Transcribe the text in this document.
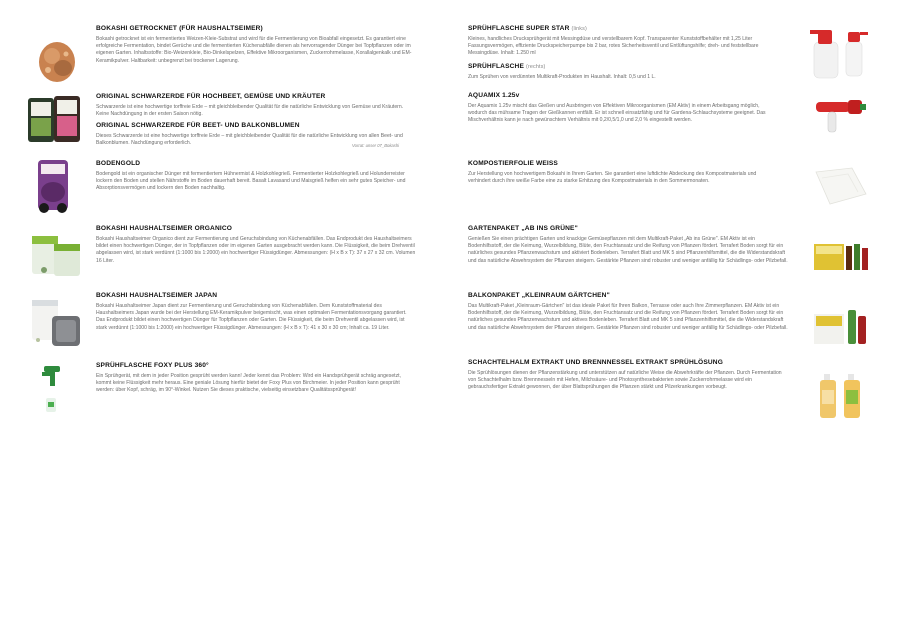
BOKASHI GETROCKNET (FÜR HAUSHALTSEIMER)

Bokashi getrocknet ist ein fermentiertes Weizen-Kleie-Substrat und wird für die Fermentierung von Bioabfall eingesetzt. Es garantiert eine erfolgreiche Fermentation, bindet Gerüche und die fermentierten Küchenabfälle dienen als hervorragender Dünger bei Topfpflanzen oder im eigenen Garten. Inhaltsstoffe: Bio-Weizenkleie, Bio-Dinkelspelzen, Effektive Mikroorganismen, Zuckerrohrmelasse, Korallalgenkalk und EM-Keramikpulver. Haltbarkeit: unbegrenzt bei trockener Lagerung.

ORIGINAL SCHWARZERDE FÜR HOCHBEET, GEMÜSE UND KRÄUTER

Schwarzerde ist eine hochwertige torffreie Erde – mit gleichbleibender Qualität für die natürliche Entwicklung von Gemüse und Kräutern. Keine Nachdüngung in der ersten Saison nötig.

ORIGINAL SCHWARZERDE FÜR BEET- UND BALKONBLUMEN

Dieses Schwarzerde ist eine hochwertige torffreie Erde – mit gleichbleibender Qualität für die natürliche Entwicklung von allen Beet- und Balkonblumen. Nachdüngung erforderlich.	Vorrat: unser 07_Bokashi
BODENGOLD

Bodengold ist ein organischer Dünger mit fermentiertem Hühnermist & Holzkohlegrieß. Fermentierter Holzkohlegrieß und Holunderreister lockern den Boden und stellen Nährstoffe im Boden dauerhaft bereit. Basalt Lavasand und Maisgrieß helfen ein sehr gutes Speicher- und Absorptionsvermögen und lockern den Boden nachhaltig.

BOKASHI HAUSHALTSEIMER ORGANICO

Bokashi Haushaltseimer Organico dient zur Fermentierung und Geruchsbindung von Küchenabfällen. Das Endprodukt des Haushaltseimers bildet einen hochwertigen Dünger, der in Topfpflanzen oder im eigenen Garten ausgebracht werden kann. Die Flüssigkeit, die beim Drehventil abgelassen wird, ist stark verdünnt (1:1000 bis 1:2000) ein hochwertiger Flüssigdünger. Abmessungen: (H x B x T): 37 x 27 x 32 cm. Volumen 16 Liter.

BOKASHI HAUSHALTSEIMER JAPAN

Bokashi Haushaltseimer Japan dient zur Fermentierung und Geruchsbindung von Küchenabfällen. Dem Kunststoffmaterial des Haushaltseimers Japan wurde bei der Herstellung EM-Keramikpulver beigemischt, was einen optimalen Fermentationsvorgang garantiert. Das Endprodukt bildet einen hochwertigen Dünger für Topfpflanzen oder Garten. Die Flüssigkeit, die beim Drehventil abgelassen wird, ist stark verdünnt (1:1000 bis 1:2000) ein hochwertiger Flüssigdünger. Abmessungen: (H x B x T): 41 x 30 x 30 cm; Inhalt ca. 19 Liter.

SPRÜHFLASCHE FOXY PLUS 360°

Ein Sprühgerät, mit dem in jeder Position gesprüht werden kann! Jeder kennt das Problem: Wird ein Handsprühgerät schräg angesetzt, kommt keine Flüssigkeit mehr heraus. Eine geniale Lösung hierfür bietet der Foxy Plus von Birchmeier. In jeder Position kann gesprüht werden: über Kopf, schräg, im 90°-Winkel. Nutzen Sie dieses praktische, vielseitig einsetzbare Qualitätssprühgerät!

SPRÜHFLASCHE SUPER STAR (links)

Kleines, handliches Drucksprühgerät mit Messingdüse und verstellbarem Kopf. Transparenter Kunststoffbehälter mit 1,25 Liter Fassungsvermögen, effiziente Druckspeicherpumpe bis 2 bar, rotes Sicherheitsventil und Entlüftungshilfe; dreh- und feststellbare Messingdüse. Inhalt: 1.250 ml

SPRÜHFLASCHE (rechts)

Zum Sprühen von verdünnten Multikraft-Produkten im Haushalt. Inhalt: 0,5 und 1 L.

AQUAMIX 1.25v

Der Aquamix 1.25v mischt das Gießen und Ausbringen von Effektiven Mikroorganismen (EM Aktiv) in einem Arbeitsgang möglich, wodurch das mühsame Tragen der Gießkannen entfällt. Er ist schnell einsatzfähig und für Gardena-Schlauchsysteme geeignet. Das Mischverhältnis kann je nach gewünschtem Verhältnis mit 0,2/0,5/1,0 und 2,0 % eingestellt werden.

KOMPOSTIERFOLIE WEISS

Zur Herstellung von hochwertigem Bokashi in Ihrem Garten. Sie garantiert eine luftdichte Abdeckung des Kompostmaterials und verhindert durch ihre weiße Farbe eine zu starke Erhitzung des Kompostmaterials in den Sommermonaten.

GARTENPAKET „AB INS GRÜNE"

Genießen Sie einen prächtigen Garten und knackige Gemüsepflanzen mit dem Multikraft-Paket „Ab ins Grüne". EM Aktiv ist ein Bodenhilfsstoff, der die Keimung, Wurzelbildung, Blüte, den Fruchtansatz und die Reifung von Pflanzen fördert. Terrafert Boden sorgt für ein natürliches gesundes Pflanzenwachstum und aktiviert Bodenleben. Terrafert Blatt und MK 5 sind Pflanzenhilfsmittel, die die Widerstandskraft und das natürliche Abwehrsystem der Pflanzen steigern. Gestärkte Pflanzen sind robuster und weniger anfällig für Schädlings- oder Pilzbefall.

BALKONPAKET „KLEINRAUM GÄRTCHEN"

Das Multikraft-Paket „Kleinraum-Gärtchen" ist das ideale Paket für Ihren Balkon, Terrasse oder auch Ihre Zimmerpflanzen. EM Aktiv ist ein Bodenhilfsstoff, der die Keimung, Wurzelbildung, Blüte, den Fruchtansatz und die Reifung von Pflanzen fördert. Terrafert Boden sorgt für ein natürliches gesundes Pflanzenwachstum und aktives Bodenleben. Terrafert Blatt und MK 5 sind Pflanzenhilfsmittel, die die Widerstandskraft und das natürliche Abwehrsystem der Pflanzen steigern. Gestärkte Pflanzen sind robuster und weniger anfällig für Schädlings- oder Pilzbefall.

SCHACHTELHALM EXTRAKT UND BRENNNESSEL EXTRAKT SPRÜHLÖSUNG

Die Sprühlösungen dienen der Pflanzenstärkung und unterstützen auf natürliche Weise die Abwehrkräfte der Pflanzen. Durch Fermentation von Schachtelhalm bzw. Brennnesseln mit Hefen, Milchsäure- und Photosynthesebakterien sowie Zuckerrohrmelasse wird ein gebrauchsfertiger Extrakt gewonnen, der über Blattsprühungen die Pflanzen stärkt und Pilzerkrankungen vorbeugt.
